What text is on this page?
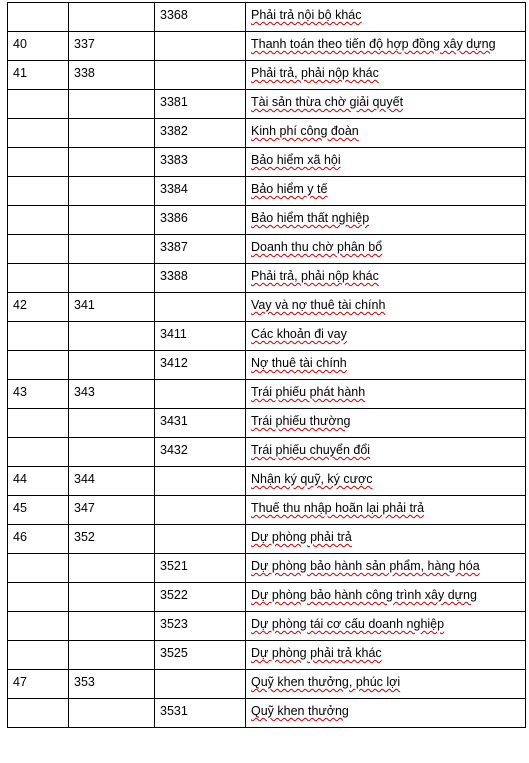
		3368	Phải trả nội bộ khác
40	337		Thanh toán theo tiến độ hợp đồng xây dựng
41	338		Phải trả, phải nộp khác
		3381	Tài sản thừa chờ giải quyết
		3382	Kinh phí công đoàn
		3383	Bảo hiểm xã hội
		3384	Bảo hiểm y tế
		3386	Bảo hiểm thất nghiệp
		3387	Doanh thu chờ phân bổ
		3388	Phải trả, phải nộp khác
42	341		Vay và nợ thuê tài chính
		3411	Các khoản đi vay
		3412	Nợ thuê tài chính
43	343		Trái phiếu phát hành
		3431	Trái phiếu thường
		3432	Trái phiếu chuyển đổi
44	344		Nhận ký quỹ, ký cược
45	347		Thuế thu nhập hoãn lại phải trả
46	352		Dự phòng phải trả
		3521	Dự phòng bảo hành sản phẩm, hàng hóa
		3522	Dự phòng bảo hành công trình xây dựng
		3523	Dự phòng tái cơ cấu doanh nghiệp
		3525	Dự phòng phải trả khác
47	353		Quỹ khen thưởng, phúc lợi
		3531	Quỹ khen thưởng
